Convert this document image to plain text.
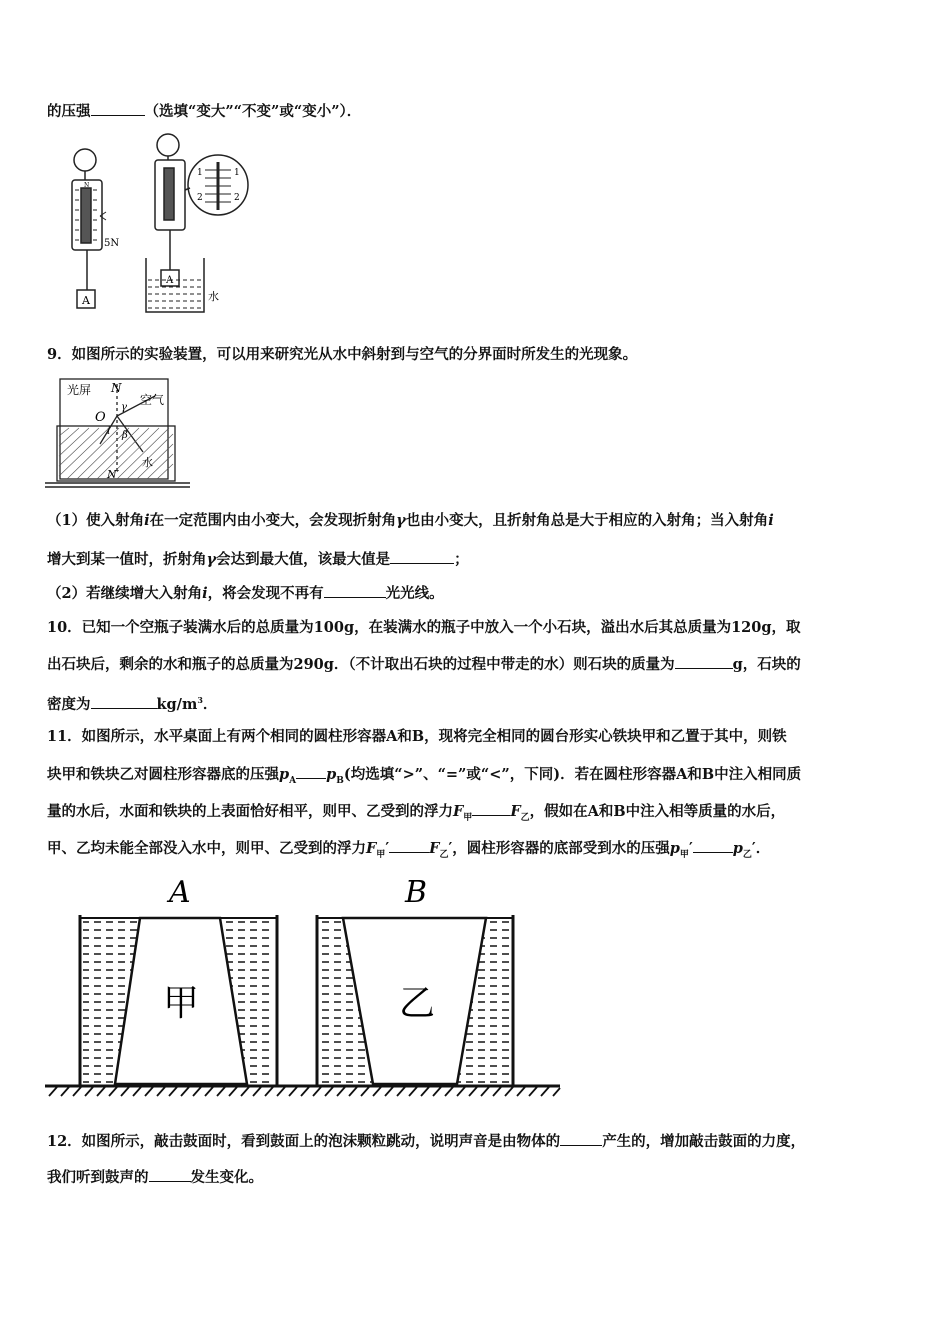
的压强	（选填“变大”“不变”或“变小”）．
N
5N
A
A
1
2
1
2
水
9．如图所示的实验装置，可以用来研究光从水中斜射到与空气的分界面时所发生的光现象。
光屏
空气
水
N
N′
O
γ
i β
（1）使入射角i在一定范围内由小变大，会发现折射角γ也由小变大，且折射角总是大于相应的入射角；当入射角i
增大到某一值时，折射角γ会达到最大值，该最大值是	；
（2）若继续增大入射角i，将会发现不再有	光光线。
10．已知一个空瓶子装满水后的总质量为100g，在装满水的瓶子中放入一个小石块，溢出水后其总质量为120g，取
出石块后，剩余的水和瓶子的总质量为290g．（不计取出石块的过程中带走的水）则石块的质量为	g，石块的
密度为	$kg/m^3$．
11．如图所示，水平桌面上有两个相同的圆柱形容器A和B，现将完全相同的圆台形实心铁块甲和乙置于其中，则铁
块甲和铁块乙对圆柱形容器底的压强$p_A$ $p_B$(均选填“>”、“=”或“<”，下同)．若在圆柱形容器A和B中注入相同质
量的水后，水面和铁块的上表面恰好相平，则甲、乙受到的浮力$F_甲$	$F_乙$，假如在A和B中注入相等质量的水后，
甲、乙均未能全部没入水中，则甲、乙受到的浮力$F_甲'$	$F_乙'$，圆柱形容器的底部受到水的压强$p_甲'$	$p_乙'$．
A	B
甲	乙
12．如图所示，敲击鼓面时，看到鼓面上的泡沫颗粒跳动，说明声音是由物体的	产生的，增加敲击鼓面的力度，
我们听到鼓声的	发生变化。
